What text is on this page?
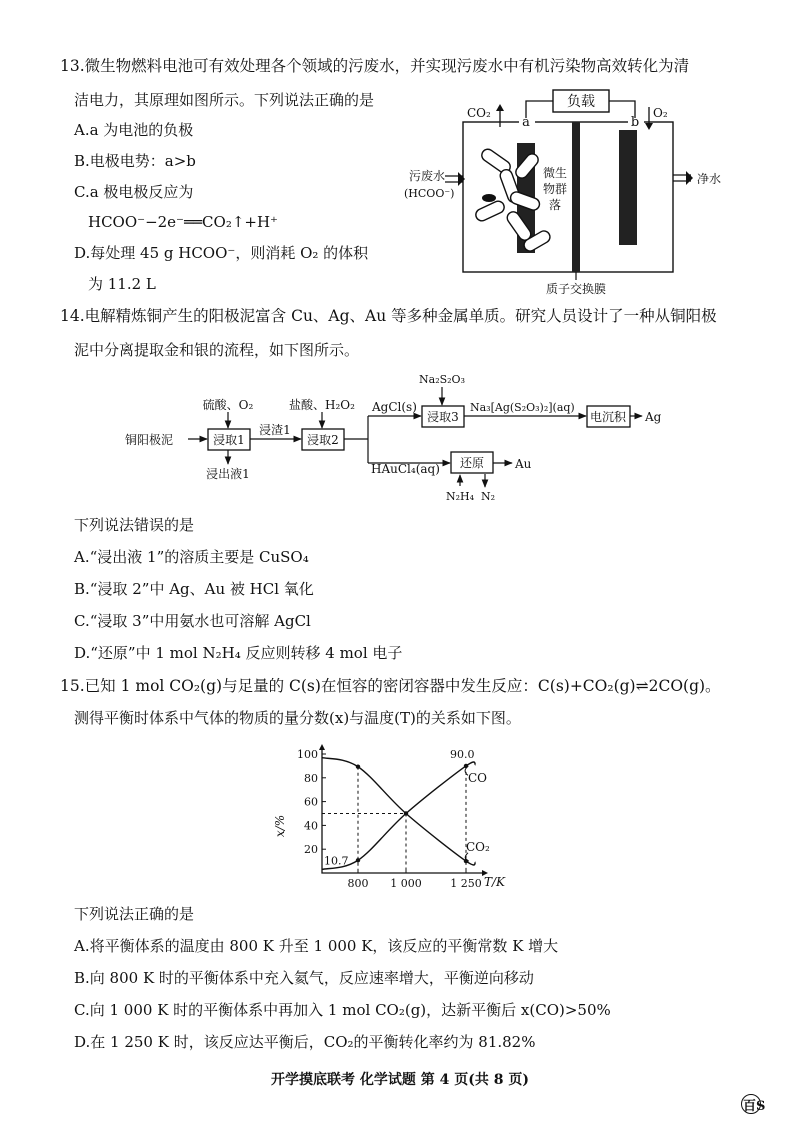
13.微生物燃料电池可有效处理各个领域的污废水，并实现污废水中有机污染物高效转化为清
洁电力，其原理如图所示。下列说法正确的是
A.a 为电池的负极
B.电极电势：a>b
C.a 极电极反应为
HCOO⁻−2e⁻══CO₂↑+H⁺
D.每处理 45 g HCOO⁻，则消耗 O₂ 的体积
为 11.2 L
负载
a	b
CO₂	O₂
微生
物群
落
污废水
(HCOO⁻)
净水
质子交换膜
14.电解精炼铜产生的阳极泥富含 Cu、Ag、Au 等多种金属单质。研究人员设计了一种从铜阳极
泥中分离提取金和银的流程，如下图所示。
铜阳极泥
硫酸、O₂
浸取1
浸出液1
浸渣1
盐酸、H₂O₂
浸取2
AgCl(s)
Na₂S₂O₃
浸取3
Na₃[Ag(S₂O₃)₂](aq)
电沉积 Ag
HAuCl₄(aq) 还原	Au
N₂H₄ N₂
下列说法错误的是
A.“浸出液 1”的溶质主要是 CuSO₄
B.“浸取 2”中 Ag、Au 被 HCl 氧化
C.“浸取 3”中用氨水也可溶解 AgCl
D.“还原”中 1 mol N₂H₄ 反应则转移 4 mol 电子
15.已知 1 mol CO₂(g)与足量的 C(s)在恒容的密闭容器中发生反应：C(s)+CO₂(g)⇌2CO(g)。
测得平衡时体系中气体的物质的量分数(x)与温度(T)的关系如下图。
x/%
T/K
20
40
60
80
100
800 1 000	1 250
90.0
10.7
CO
CO₂
下列说法正确的是
A.将平衡体系的温度由 800 K 升至 1 000 K，该反应的平衡常数 K 增大
B.向 800 K 时的平衡体系中充入氦气，反应速率增大，平衡逆向移动
C.向 1 000 K 时的平衡体系中再加入 1 mol CO₂(g)，达新平衡后 x(CO)>50%
D.在 1 250 K 时，该反应达平衡后，CO₂的平衡转化率约为 81.82%
开学摸底联考 化学试题 第 4 页(共 8 页)
百S
